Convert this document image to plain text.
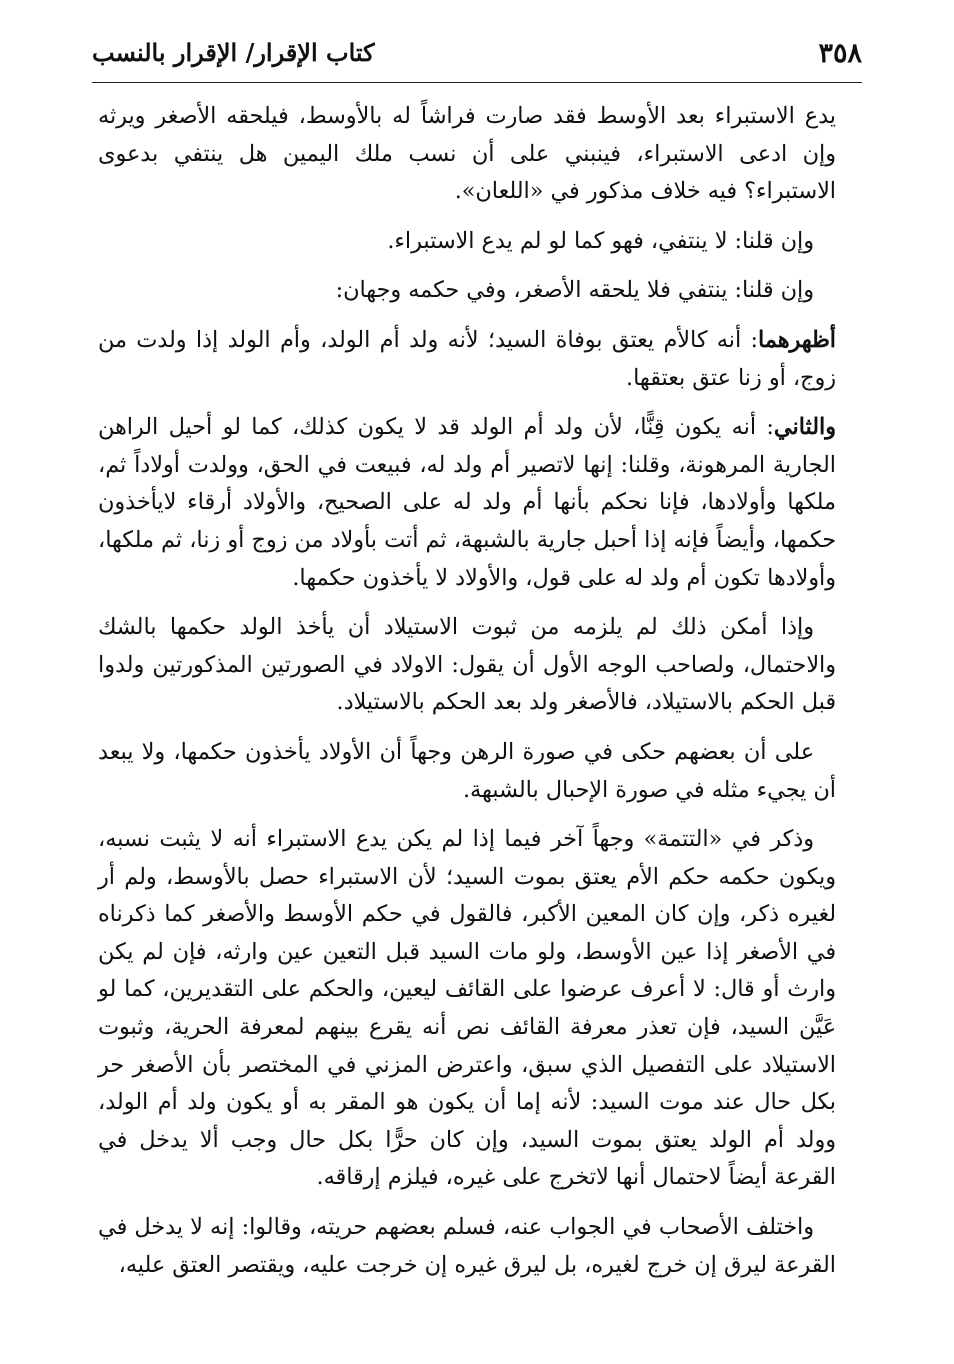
٣٥٨
كتاب الإقرار/ الإقرار بالنسب

يدع الاستبراء بعد الأوسط فقد صارت فراشاً له بالأوسط، فيلحقه الأصغر ويرثه وإن ادعى الاستبراء، فينبني على أن نسب ملك اليمين هل ينتفي بدعوى الاستبراء؟ فيه خلاف مذكور في «اللعان».

وإن قلنا: لا ينتفي، فهو كما لو لم يدع الاستبراء.

وإن قلنا: ينتفي فلا يلحقه الأصغر، وفي حكمه وجهان:

أظهرهما: أنه كالأم يعتق بوفاة السيد؛ لأنه ولد أم الولد، وأم الولد إذا ولدت من زوج، أو زنا عتق بعتقها.

والثاني: أنه يكون قِنًّا، لأن ولد أم الولد قد لا يكون كذلك، كما لو أحيل الراهن الجارية المرهونة، وقلنا: إنها لاتصير أم ولد له، فبيعت في الحق، وولدت أولاداً ثم، ملكها وأولادها، فإنا نحكم بأنها أم ولد له على الصحيح، والأولاد أرقاء لايأخذون حكمها، وأيضاً فإنه إذا أحبل جارية بالشبهة، ثم أتت بأولاد من زوج أو زنا، ثم ملكها، وأولادها تكون أم ولد له على قول، والأولاد لا يأخذون حكمها.

وإذا أمكن ذلك لم يلزمه من ثبوت الاستيلاد أن يأخذ الولد حكمها بالشك والاحتمال، ولصاحب الوجه الأول أن يقول: الاولاد في الصورتين المذكورتين ولدوا قبل الحكم بالاستيلاد، فالأصغر ولد بعد الحكم بالاستيلاد.

على أن بعضهم حكى في صورة الرهن وجهاً أن الأولاد يأخذون حكمها، ولا يبعد أن يجيء مثله في صورة الإحبال بالشبهة.

وذكر في «التتمة» وجهاً آخر فيما إذا لم يكن يدع الاستبراء أنه لا يثبت نسبه، ويكون حكمه حكم الأم يعتق بموت السيد؛ لأن الاستبراء حصل بالأوسط، ولم أر لغيره ذكر، وإن كان المعين الأكبر، فالقول في حكم الأوسط والأصغر كما ذكرناه في الأصغر إذا عين الأوسط، ولو مات السيد قبل التعين عين وارثه، فإن لم يكن وارث أو قال: لا أعرف عرضوا على القائف ليعين، والحكم على التقديرين، كما لو عَيَّن السيد، فإن تعذر معرفة القائف نص أنه يقرع بينهم لمعرفة الحرية، وثبوت الاستيلاد على التفصيل الذي سبق، واعترض المزني في المختصر بأن الأصغر حر بكل حال عند موت السيد: لأنه إما أن يكون هو المقر به أو يكون ولد أم الولد، وولد أم الولد يعتق بموت السيد، وإن كان حرًّا بكل حال وجب ألا يدخل في القرعة أيضاً لاحتمال أنها لاتخرج على غيره، فيلزم إرقاقه.

واختلف الأصحاب في الجواب عنه، فسلم بعضهم حريته، وقالوا: إنه لا يدخل في القرعة ليرق إن خرج لغيره، بل ليرق غيره إن خرجت عليه، ويقتصر العتق عليه،
